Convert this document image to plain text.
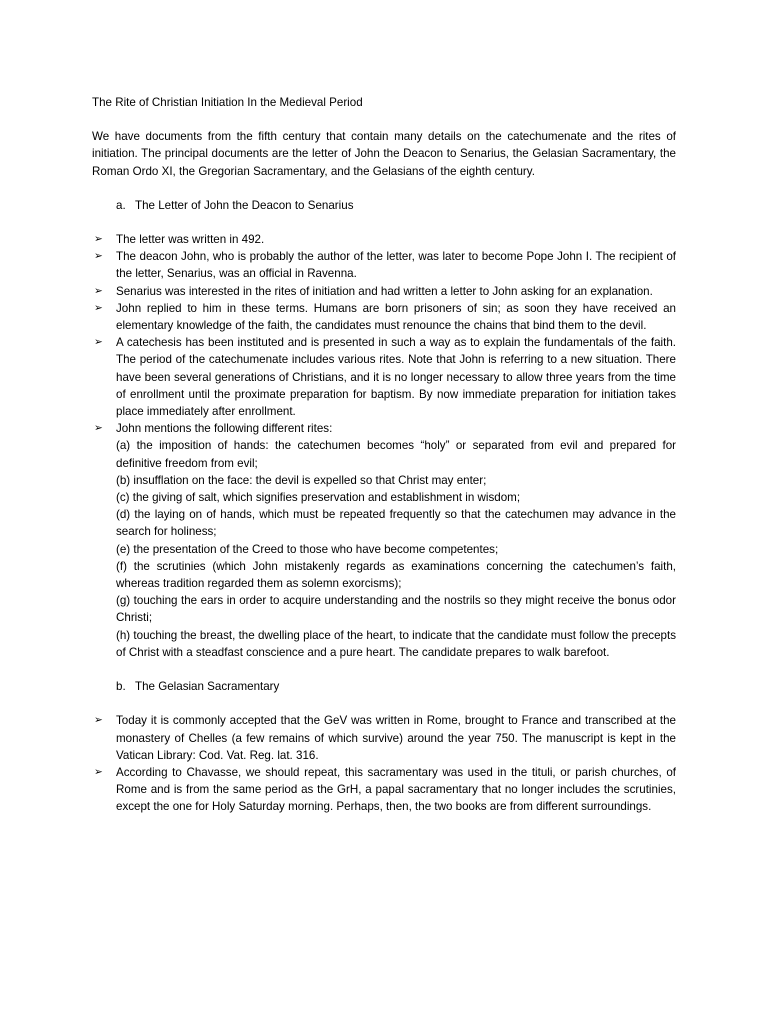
The Rite of Christian Initiation In the Medieval Period

We have documents from the fifth century that contain many details on the catechumenate and the rites of initiation. The principal documents are the letter of John the Deacon to Senarius, the Gelasian Sacramentary, the Roman Ordo XI, the Gregorian Sacramentary, and the Gelasians of the eighth century.

a. The Letter of John the Deacon to Senarius
➢	The letter was written in 492.
➢	The deacon John, who is probably the author of the letter, was later to become Pope John I. The recipient of the letter, Senarius, was an official in Ravenna.
➢	Senarius was interested in the rites of initiation and had written a letter to John asking for an explanation.
➢	John replied to him in these terms. Humans are born prisoners of sin; as soon they have received an elementary knowledge of the faith, the candidates must renounce the chains that bind them to the devil.
➢	A catechesis has been instituted and is presented in such a way as to explain the fundamentals of the faith. The period of the catechumenate includes various rites. Note that John is referring to a new situation. There have been several generations of Christians, and it is no longer necessary to allow three years from the time of enrollment until the proximate preparation for baptism. By now immediate preparation for initiation takes place immediately after enrollment.
➢	John mentions the following different rites:
(a) the imposition of hands: the catechumen becomes “holy” or separated from evil and prepared for definitive freedom from evil;
(b) insufflation on the face: the devil is expelled so that Christ may enter;
(c) the giving of salt, which signifies preservation and establishment in wisdom;
(d) the laying on of hands, which must be repeated frequently so that the catechumen may advance in the search for holiness;
(e) the presentation of the Creed to those who have become competentes;
(f) the scrutinies (which John mistakenly regards as examinations concerning the catechumen’s faith, whereas tradition regarded them as solemn exorcisms);
(g) touching the ears in order to acquire understanding and the nostrils so they might receive the bonus odor Christi;
(h) touching the breast, the dwelling place of the heart, to indicate that the candidate must follow the precepts of Christ with a steadfast conscience and a pure heart. The candidate prepares to walk barefoot.
b. The Gelasian Sacramentary
➢	Today it is commonly accepted that the GeV was written in Rome, brought to France and transcribed at the monastery of Chelles (a few remains of which survive) around the year 750. The manuscript is kept in the Vatican Library: Cod. Vat. Reg. lat. 316.
➢	According to Chavasse, we should repeat, this sacramentary was used in the tituli, or parish churches, of Rome and is from the same period as the GrH, a papal sacramentary that no longer includes the scrutinies, except the one for Holy Saturday morning. Perhaps, then, the two books are from different surroundings.
